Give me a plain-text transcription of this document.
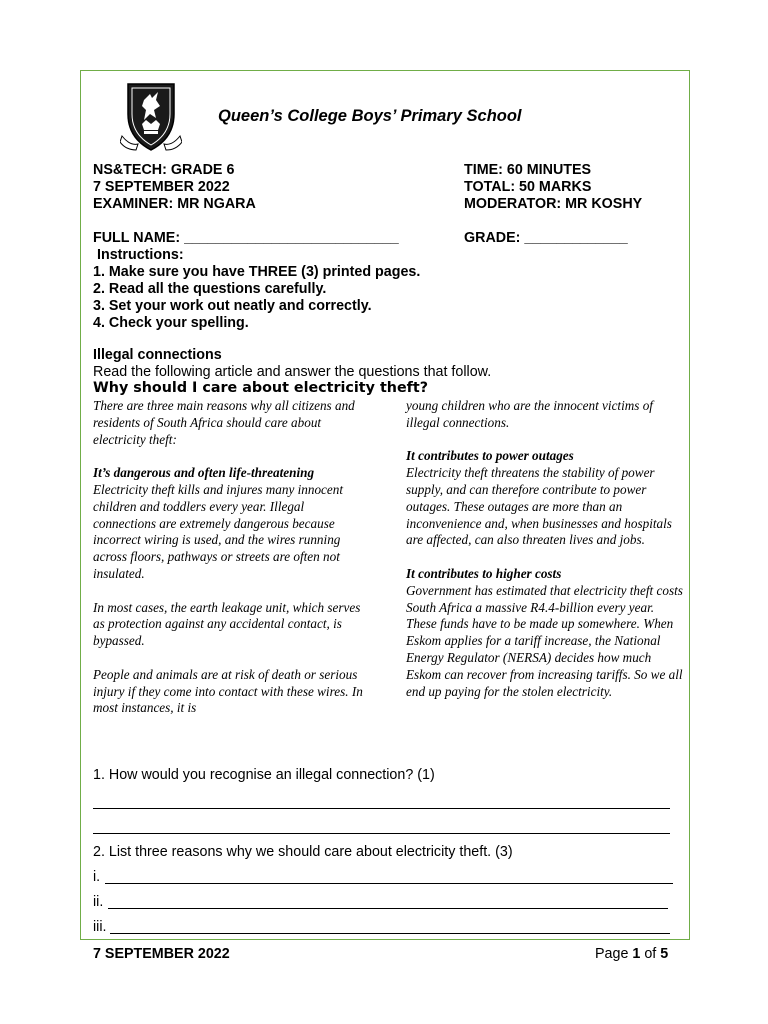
Queen’s College Boys’ Primary School
NS&TECH: GRADE 6
7 SEPTEMBER 2022
EXAMINER: MR NGARA
TIME: 60 MINUTES
TOTAL: 50 MARKS
MODERATOR: MR KOSHY
FULL NAME: ___________________________	GRADE: _____________
Instructions:
1. Make sure you have THREE (3) printed pages.
2. Read all the questions carefully.
3. Set your work out neatly and correctly.
4. Check your spelling.
Illegal connections
Read the following article and answer the questions that follow.
Why should I care about electricity theft?

There are three main reasons why all citizens and residents of South Africa should care about electricity theft:

It’s dangerous and often life-threatening
Electricity theft kills and injures many innocent children and toddlers every year. Illegal connections are extremely dangerous because incorrect wiring is used, and the wires running across floors, pathways or streets are often not insulated.

In most cases, the earth leakage unit, which serves as protection against any accidental contact, is bypassed.

People and animals are at risk of death or serious injury if they come into contact with these wires. In most instances, it is

young children who are the innocent victims of illegal connections.

It contributes to power outages
Electricity theft threatens the stability of power supply, and can therefore contribute to power outages. These outages are more than an inconvenience and, when businesses and hospitals are affected, can also threaten lives and jobs.

It contributes to higher costs
Government has estimated that electricity theft costs South Africa a massive R4.4-billion every year. These funds have to be made up somewhere. When Eskom applies for a tariff increase, the National Energy Regulator (NERSA) decides how much Eskom can recover from increasing tariffs. So we all end up paying for the stolen electricity.

1. How would you recognise an illegal connection? (1)
2. List three reasons why we should care about electricity theft. (3)
i.
ii.
iii.
7 SEPTEMBER 2022	Page 1 of 5
